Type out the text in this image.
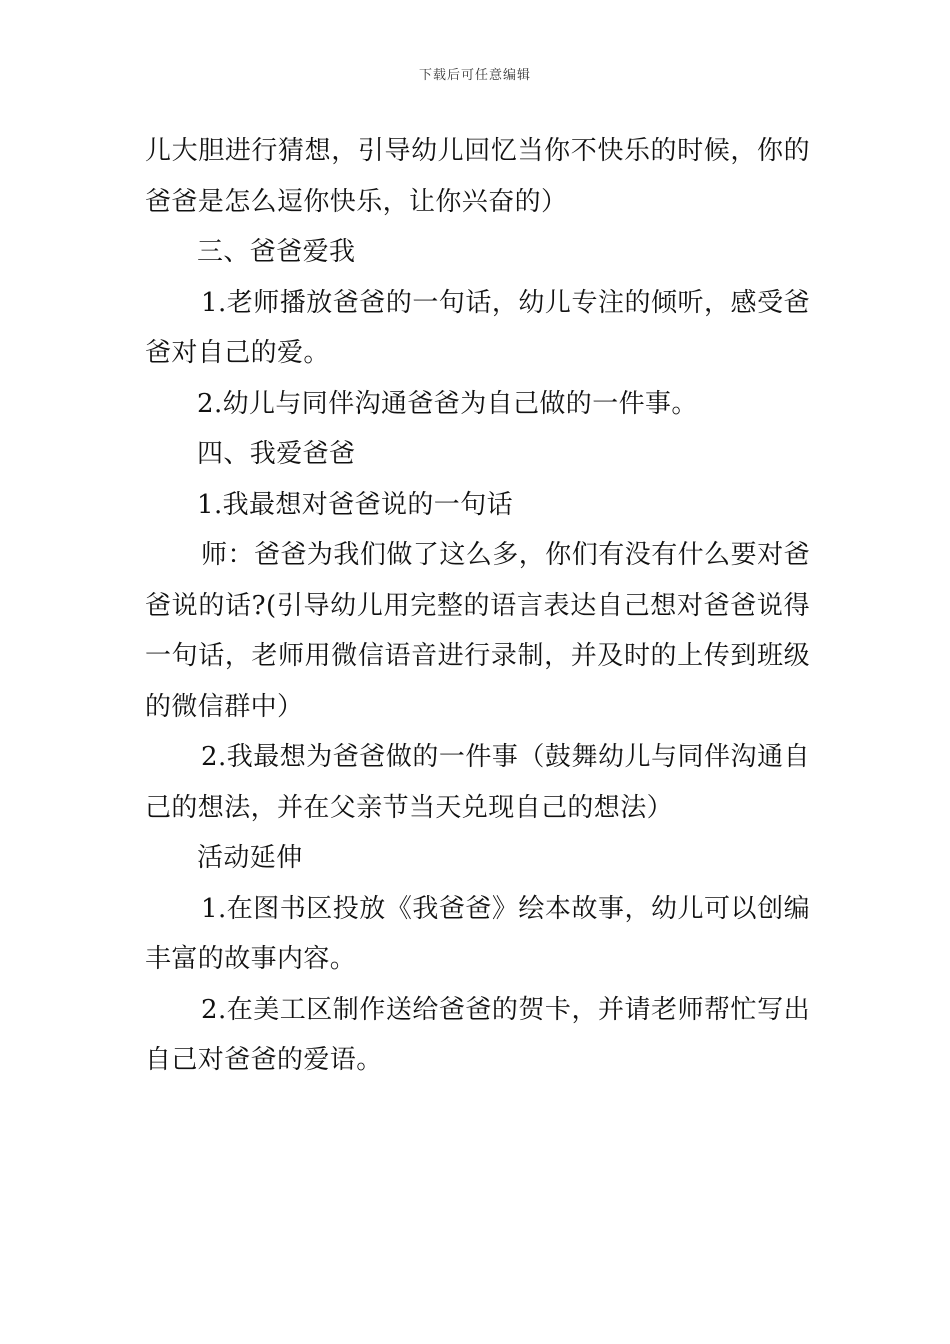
下载后可任意编辑

儿大胆进行猜想，引导幼儿回忆当你不快乐的时候，你的爸爸是怎么逗你快乐，让你兴奋的）

三、爸爸爱我

1.老师播放爸爸的一句话，幼儿专注的倾听，感受爸爸对自己的爱。

2.幼儿与同伴沟通爸爸为自己做的一件事。

四、我爱爸爸

1.我最想对爸爸说的一句话

师：爸爸为我们做了这么多，你们有没有什么要对爸爸说的话?(引导幼儿用完整的语言表达自己想对爸爸说得一句话，老师用微信语音进行录制，并及时的上传到班级的微信群中）

2.我最想为爸爸做的一件事（鼓舞幼儿与同伴沟通自己的想法，并在父亲节当天兑现自己的想法）

活动延伸

1.在图书区投放《我爸爸》绘本故事，幼儿可以创编丰富的故事内容。

2.在美工区制作送给爸爸的贺卡，并请老师帮忙写出自己对爸爸的爱语。
